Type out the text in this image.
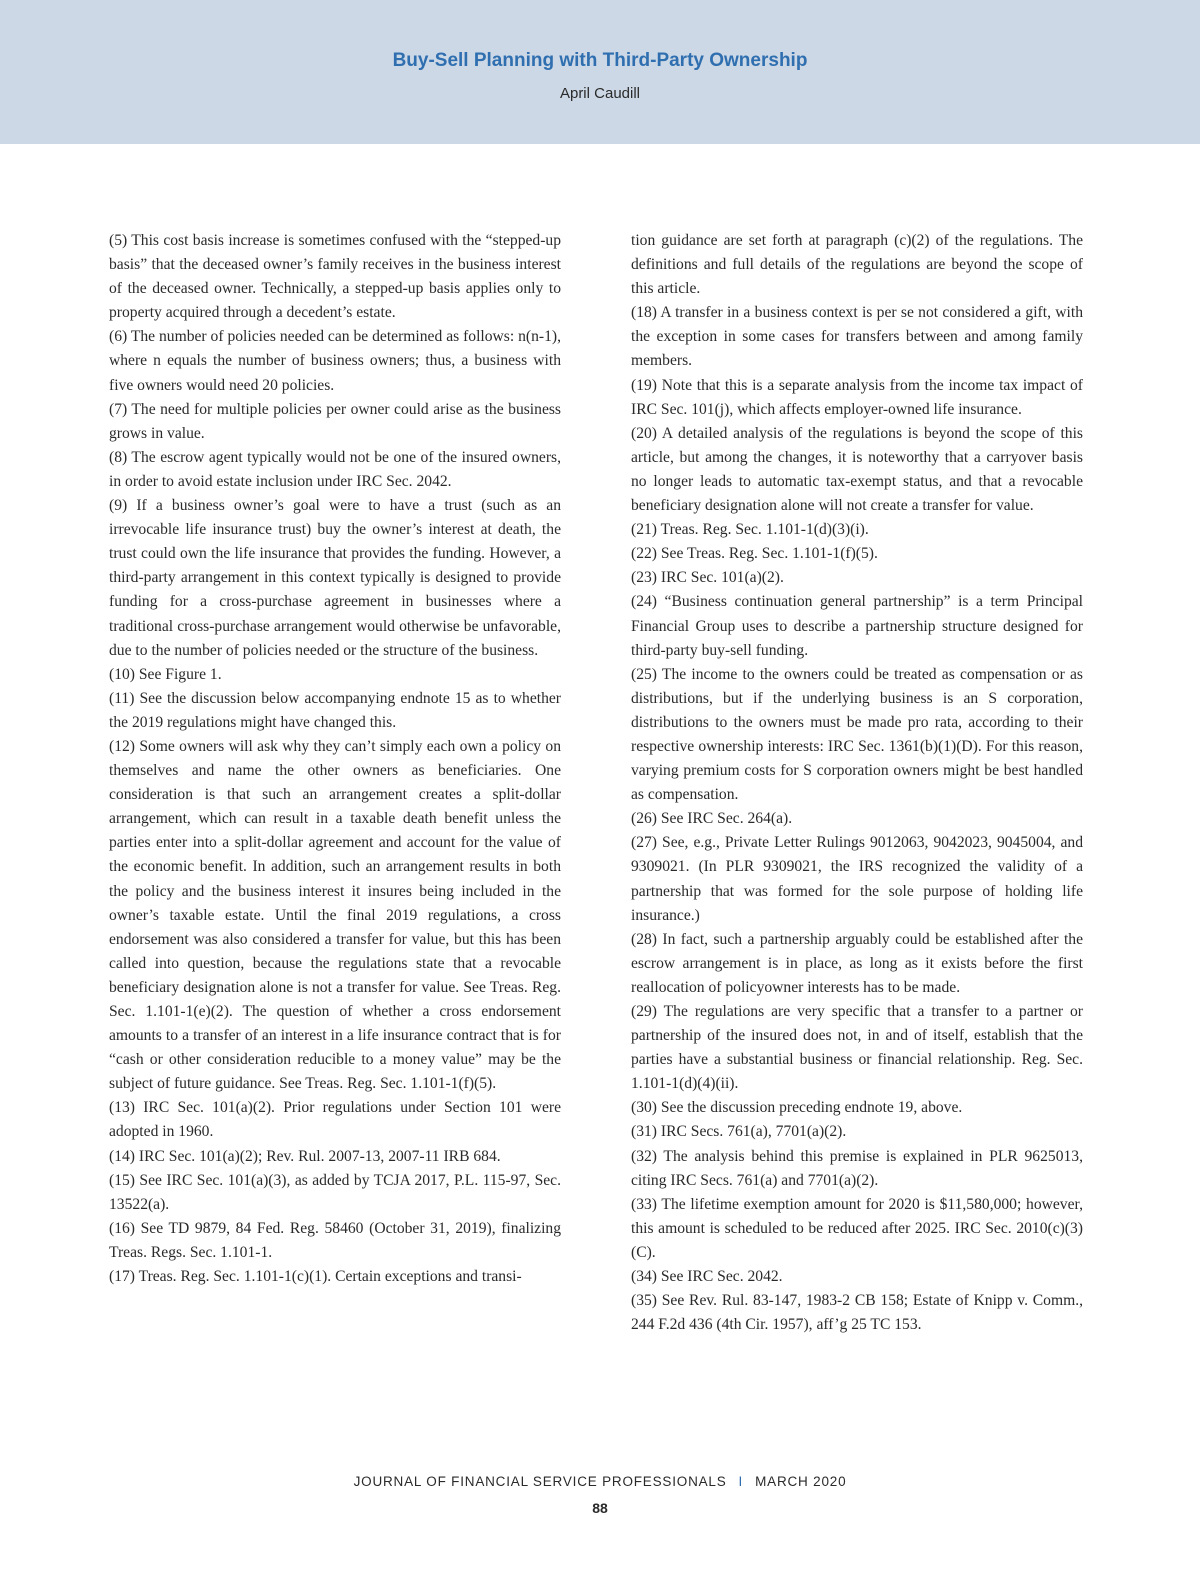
Buy-Sell Planning with Third-Party Ownership
April Caudill

(5) This cost basis increase is sometimes confused with the “stepped-up basis” that the deceased owner’s family receives in the business interest of the deceased owner. Technically, a stepped-up basis applies only to property acquired through a decedent’s estate.

(6) The number of policies needed can be determined as follows: n(n-1), where n equals the number of business owners; thus, a business with five owners would need 20 policies.

(7) The need for multiple policies per owner could arise as the business grows in value.

(8) The escrow agent typically would not be one of the insured owners, in order to avoid estate inclusion under IRC Sec. 2042.

(9) If a business owner’s goal were to have a trust (such as an irrevocable life insurance trust) buy the owner’s interest at death, the trust could own the life insurance that provides the funding. However, a third-party arrangement in this context typically is designed to provide funding for a cross-purchase agreement in businesses where a traditional cross-purchase arrangement would otherwise be unfavorable, due to the number of policies needed or the structure of the business.

(10) See Figure 1.

(11) See the discussion below accompanying endnote 15 as to whether the 2019 regulations might have changed this.

(12) Some owners will ask why they can’t simply each own a policy on themselves and name the other owners as beneficiaries. One consideration is that such an arrangement creates a split-dollar arrangement, which can result in a taxable death benefit unless the parties enter into a split-dollar agreement and account for the value of the economic benefit. In addition, such an arrangement results in both the policy and the business interest it insures being included in the owner’s taxable estate. Until the final 2019 regulations, a cross endorsement was also considered a transfer for value, but this has been called into question, because the regulations state that a revocable beneficiary designation alone is not a transfer for value. See Treas. Reg. Sec. 1.101-1(e)(2). The question of whether a cross endorsement amounts to a transfer of an interest in a life insurance contract that is for “cash or other consideration reducible to a money value” may be the subject of future guidance. See Treas. Reg. Sec. 1.101-1(f)(5).

(13) IRC Sec. 101(a)(2). Prior regulations under Section 101 were adopted in 1960.

(14) IRC Sec. 101(a)(2); Rev. Rul. 2007-13, 2007-11 IRB 684.

(15) See IRC Sec. 101(a)(3), as added by TCJA 2017, P.L. 115-97, Sec. 13522(a).

(16) See TD 9879, 84 Fed. Reg. 58460 (October 31, 2019), finalizing Treas. Regs. Sec. 1.101-1.

(17) Treas. Reg. Sec. 1.101-1(c)(1). Certain exceptions and transi-

tion guidance are set forth at paragraph (c)(2) of the regulations. The definitions and full details of the regulations are beyond the scope of this article.

(18) A transfer in a business context is per se not considered a gift, with the exception in some cases for transfers between and among family members.

(19) Note that this is a separate analysis from the income tax impact of IRC Sec. 101(j), which affects employer-owned life insurance.

(20) A detailed analysis of the regulations is beyond the scope of this article, but among the changes, it is noteworthy that a carryover basis no longer leads to automatic tax-exempt status, and that a revocable beneficiary designation alone will not create a transfer for value.

(21) Treas. Reg. Sec. 1.101-1(d)(3)(i).

(22) See Treas. Reg. Sec. 1.101-1(f)(5).

(23) IRC Sec. 101(a)(2).

(24) “Business continuation general partnership” is a term Principal Financial Group uses to describe a partnership structure designed for third-party buy-sell funding.

(25) The income to the owners could be treated as compensation or as distributions, but if the underlying business is an S corporation, distributions to the owners must be made pro rata, according to their respective ownership interests: IRC Sec. 1361(b)(1)(D). For this reason, varying premium costs for S corporation owners might be best handled as compensation.

(26) See IRC Sec. 264(a).

(27) See, e.g., Private Letter Rulings 9012063, 9042023, 9045004, and 9309021. (In PLR 9309021, the IRS recognized the validity of a partnership that was formed for the sole purpose of holding life insurance.)

(28) In fact, such a partnership arguably could be established after the escrow arrangement is in place, as long as it exists before the first reallocation of policyowner interests has to be made.

(29) The regulations are very specific that a transfer to a partner or partnership of the insured does not, in and of itself, establish that the parties have a substantial business or financial relationship. Reg. Sec. 1.101-1(d)(4)(ii).

(30) See the discussion preceding endnote 19, above.

(31) IRC Secs. 761(a), 7701(a)(2).

(32) The analysis behind this premise is explained in PLR 9625013, citing IRC Secs. 761(a) and 7701(a)(2).

(33) The lifetime exemption amount for 2020 is $11,580,000; however, this amount is scheduled to be reduced after 2025. IRC Sec. 2010(c)(3)(C).

(34) See IRC Sec. 2042.

(35) See Rev. Rul. 83-147, 1983-2 CB 158; Estate of Knipp v. Comm., 244 F.2d 436 (4th Cir. 1957), aff’g 25 TC 153.

JOURNAL OF FINANCIAL SERVICE PROFESSIONALS I MARCH 2020
88
